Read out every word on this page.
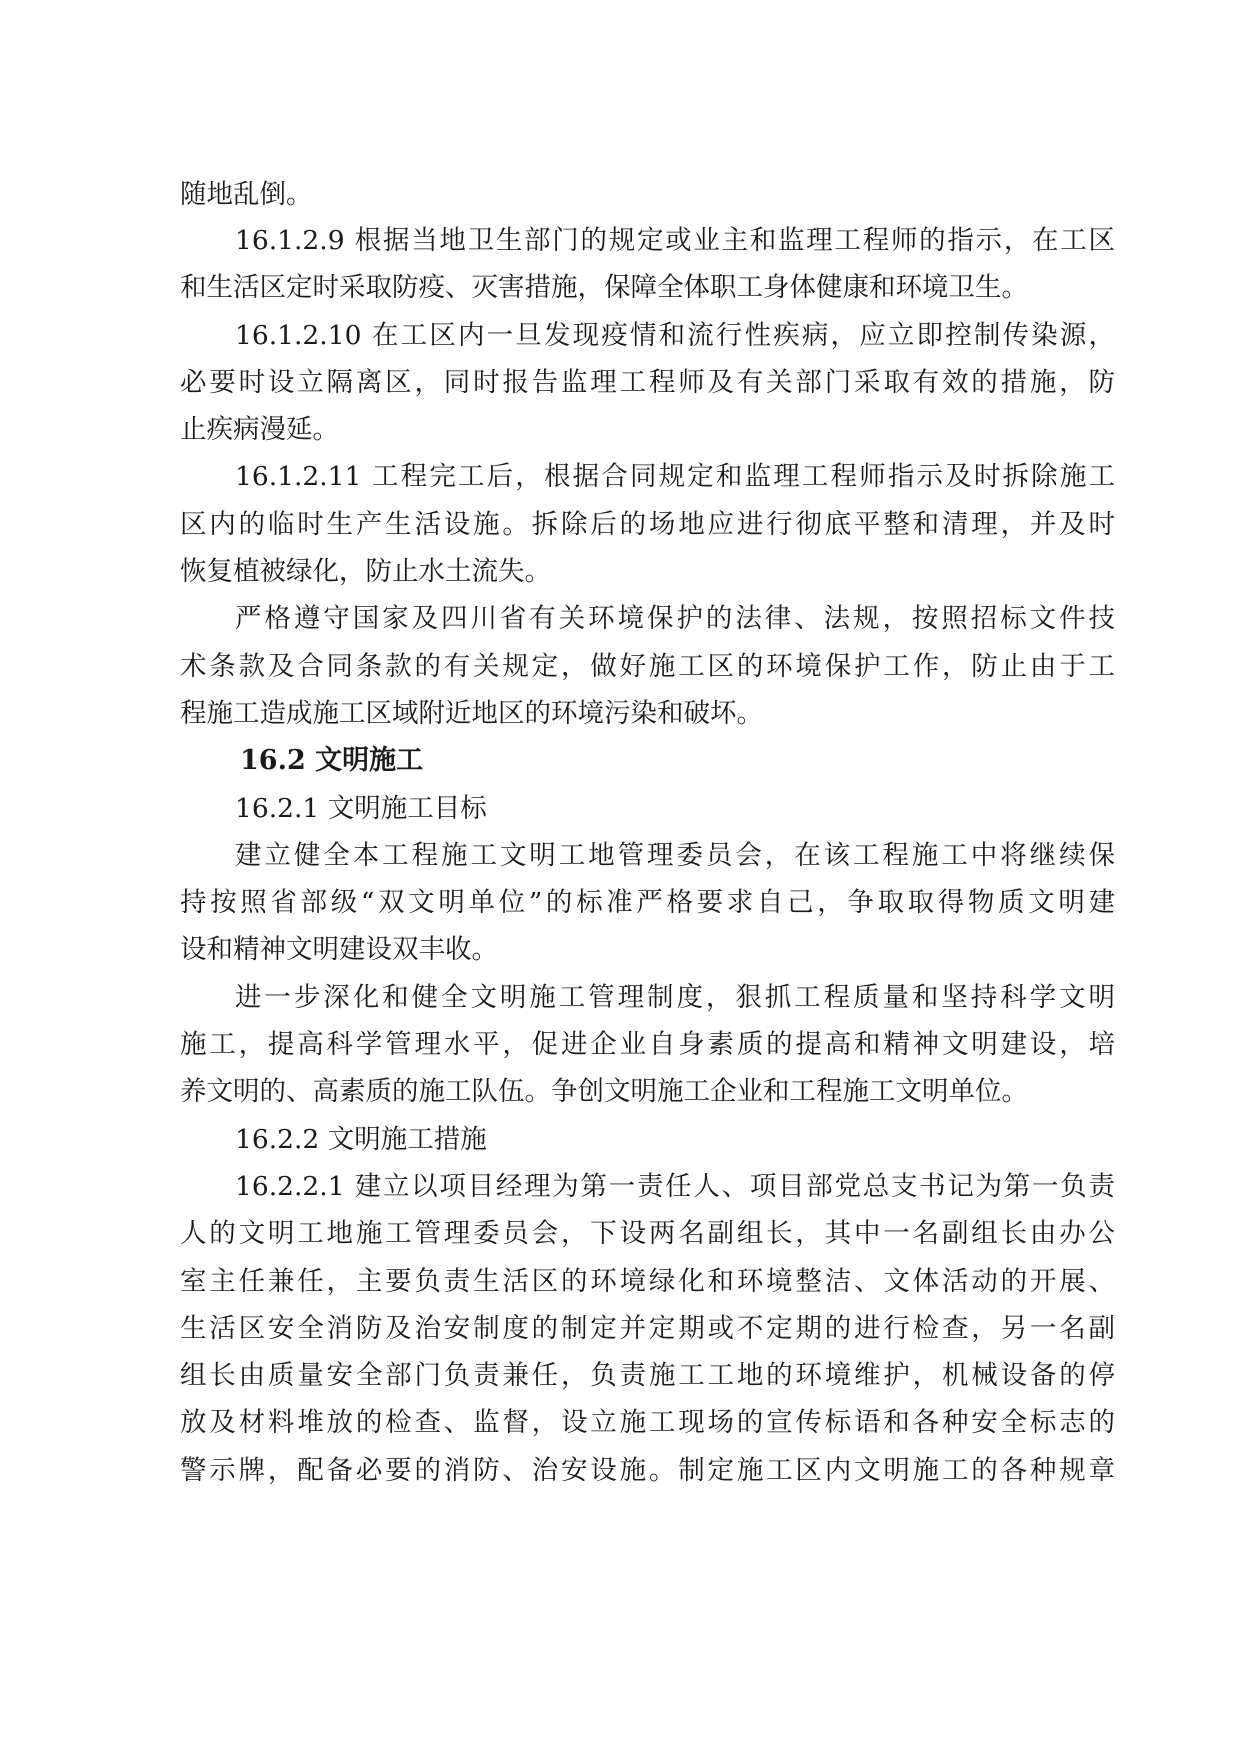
随地乱倒。
16.1.2.9 根据当地卫生部门的规定或业主和监理工程师的指示，在工区
和生活区定时采取防疫、灭害措施，保障全体职工身体健康和环境卫生。
16.1.2.10 在工区内一旦发现疫情和流行性疾病，应立即控制传染源，
必要时设立隔离区，同时报告监理工程师及有关部门采取有效的措施，防
止疾病漫延。
16.1.2.11 工程完工后，根据合同规定和监理工程师指示及时拆除施工
区内的临时生产生活设施。拆除后的场地应进行彻底平整和清理，并及时
恢复植被绿化，防止水土流失。
严格遵守国家及四川省有关环境保护的法律、法规，按照招标文件技
术条款及合同条款的有关规定，做好施工区的环境保护工作，防止由于工
程施工造成施工区域附近地区的环境污染和破坏。
16.2 文明施工
16.2.1 文明施工目标
建立健全本工程施工文明工地管理委员会，在该工程施工中将继续保
持按照省部级“双文明单位”的标准严格要求自己，争取取得物质文明建
设和精神文明建设双丰收。
进一步深化和健全文明施工管理制度，狠抓工程质量和坚持科学文明
施工，提高科学管理水平，促进企业自身素质的提高和精神文明建设，培
养文明的、高素质的施工队伍。争创文明施工企业和工程施工文明单位。
16.2.2 文明施工措施
16.2.2.1 建立以项目经理为第一责任人、项目部党总支书记为第一负责
人的文明工地施工管理委员会，下设两名副组长，其中一名副组长由办公
室主任兼任，主要负责生活区的环境绿化和环境整洁、文体活动的开展、
生活区安全消防及治安制度的制定并定期或不定期的进行检查，另一名副
组长由质量安全部门负责兼任，负责施工工地的环境维护，机械设备的停
放及材料堆放的检查、监督，设立施工现场的宣传标语和各种安全标志的
警示牌，配备必要的消防、治安设施。制定施工区内文明施工的各种规章
